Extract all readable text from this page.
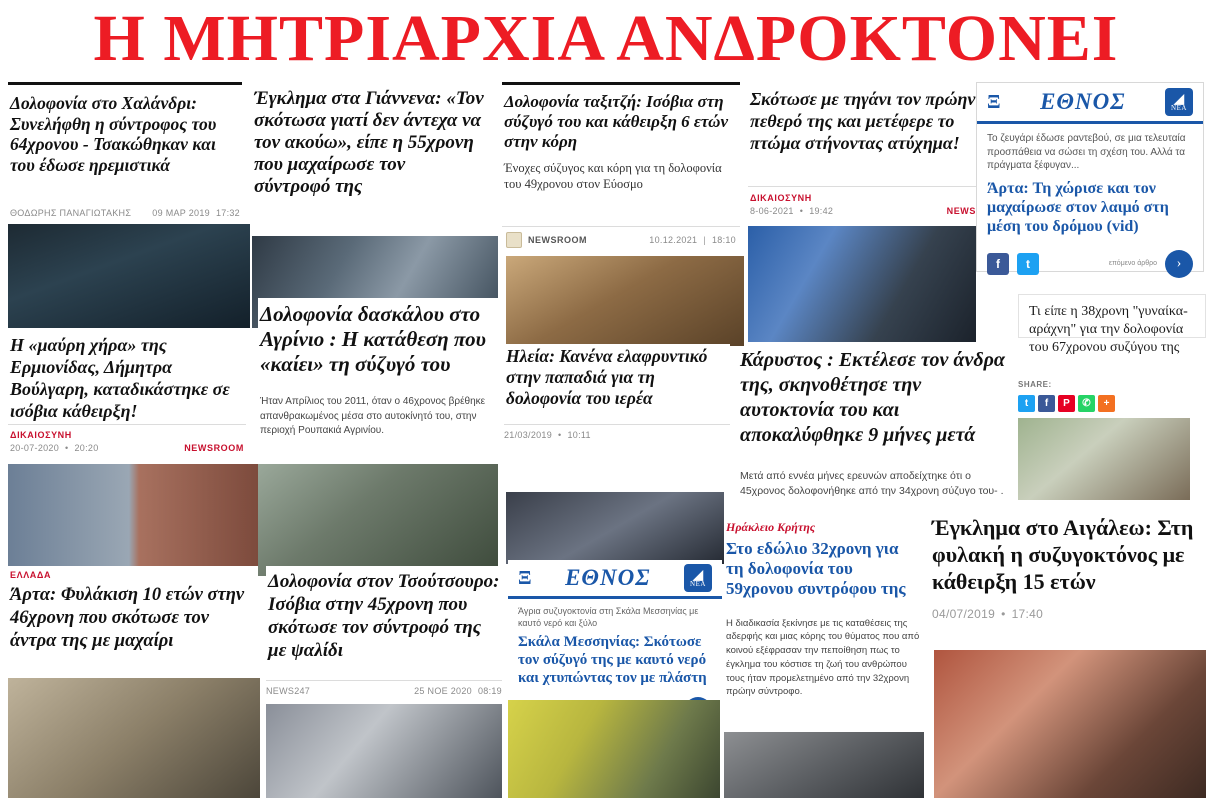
Η ΜΗΤΡΙΑΡΧΙΑ ΑΝΔΡΟΚΤΟΝΕΙ

Δολοφονία στο Χαλάνδρι: Συνελήφθη η σύντροφος του 64χρονου - Τσακώθηκαν και του έδωσε ηρεμιστικά

ΘΟΔΩΡΗΣ ΠΑΝΑΓΙΩΤΑΚΗΣ 09 ΜΑΡ 2019 17:32

Έγκλημα στα Γιάννενα: «Τον σκότωσα γιατί δεν άντεχα να τον ακούω», είπε η 55χρονη που μαχαίρωσε τον σύντροφό της

Δολοφονία ταξιτζή: Ισόβια στη σύζυγό του και κάθειρξη 6 ετών στην κόρη

Ένοχες σύζυγος και κόρη για τη δολοφονία του 49χρονου στον Εύοσμο

NEWSROOM	10.12.2021 | 18:10

Σκότωσε με τηγάνι τον πρώην πεθερό της και μετέφερε το πτώμα στήνοντας ατύχημα!

ΔΙΚΑΙΟΣΥΝΗ
8-06-2021 • 19:42	NEWS
Ξ	ΕΘΝΟΣ	◢
ΝΕΑ

Το ζευγάρι έδωσε ραντεβού, σε μια τελευταία προσπάθεια να σώσει τη σχέση του. Αλλά τα πράγματα ξέφυγαν...

Άρτα: Τη χώρισε και τον μαχαίρωσε στον λαιμό στη μέση του δρόμου (vid)

f	t	επόμενο άρθρο	›
Τι είπε η 38χρονη "γυναίκα-αράχνη" για την δολοφονία του 67χρονου συζύγου της
SHARE:
t	f	P	✆	+

Η «μαύρη χήρα» της Ερμιονίδας, Δήμητρα Βούλγαρη, καταδικάστηκε σε ισόβια κάθειρξη!

ΔΙΚΑΙΟΣΥΝΗ
20-07-2020 • 20:20	NEWSROOM

Δολοφονία δασκάλου στο Αγρίνιο : Η κατάθεση που «καίει» τη σύζυγό του

Ήταν Απρίλιος του 2011, όταν ο 46χρονος βρέθηκε απανθρακωμένος μέσα στο αυτοκίνητό του, στην περιοχή Ρουπακιά Αγρινίου.

Ηλεία: Κανένα ελαφρυντικό στην παπαδιά για τη δολοφονία του ιερέα

21/03/2019 • 10:11

Κάρυστος : Εκτέλεσε τον άνδρα της, σκηνοθέτησε την αυτοκτονία του και αποκαλύφθηκε 9 μήνες μετά

Μετά από εννέα μήνες ερευνών αποδείχτηκε ότι ο 45χρονος δολοφονήθηκε από την 34χρονη σύζυγο του- .

ΕΛΛΑΔΑ

Άρτα: Φυλάκιση 10 ετών στην 46χρονη που σκότωσε τον άντρα της με μαχαίρι

Δολοφονία στον Τσούτσουρο: Ισόβια στην 45χρονη που σκότωσε τον σύντροφό της με ψαλίδι

NEWS247	25 ΝΟΕ 2020 08:19
Ξ	ΕΘΝΟΣ	◢
ΝΕΑ
Άγρια συζυγοκτονία στη Σκάλα Μεσσηνίας με καυτό νερό και ξύλο

Σκάλα Μεσσηνίας: Σκότωσε τον σύζυγό της με καυτό νερό και χτυπώντας τον με πλάστη

Ηράκλειο Κρήτης

Στο εδώλιο 32χρονη για τη δολοφονία του 59χρονου συντρόφου της

Η διαδικασία ξεκίνησε με τις καταθέσεις της αδερφής και μιας κόρης του θύματος που από κοινού εξέφρασαν την πεποίθηση πως το έγκλημα του κόστισε τη ζωή του ανθρώπου τους ήταν προμελετημένο από την 32χρονη πρώην σύντροφο.

Έγκλημα στο Αιγάλεω: Στη φυλακή η συζυγοκτόνος με κάθειρξη 15 ετών

04/07/2019 • 17:40
